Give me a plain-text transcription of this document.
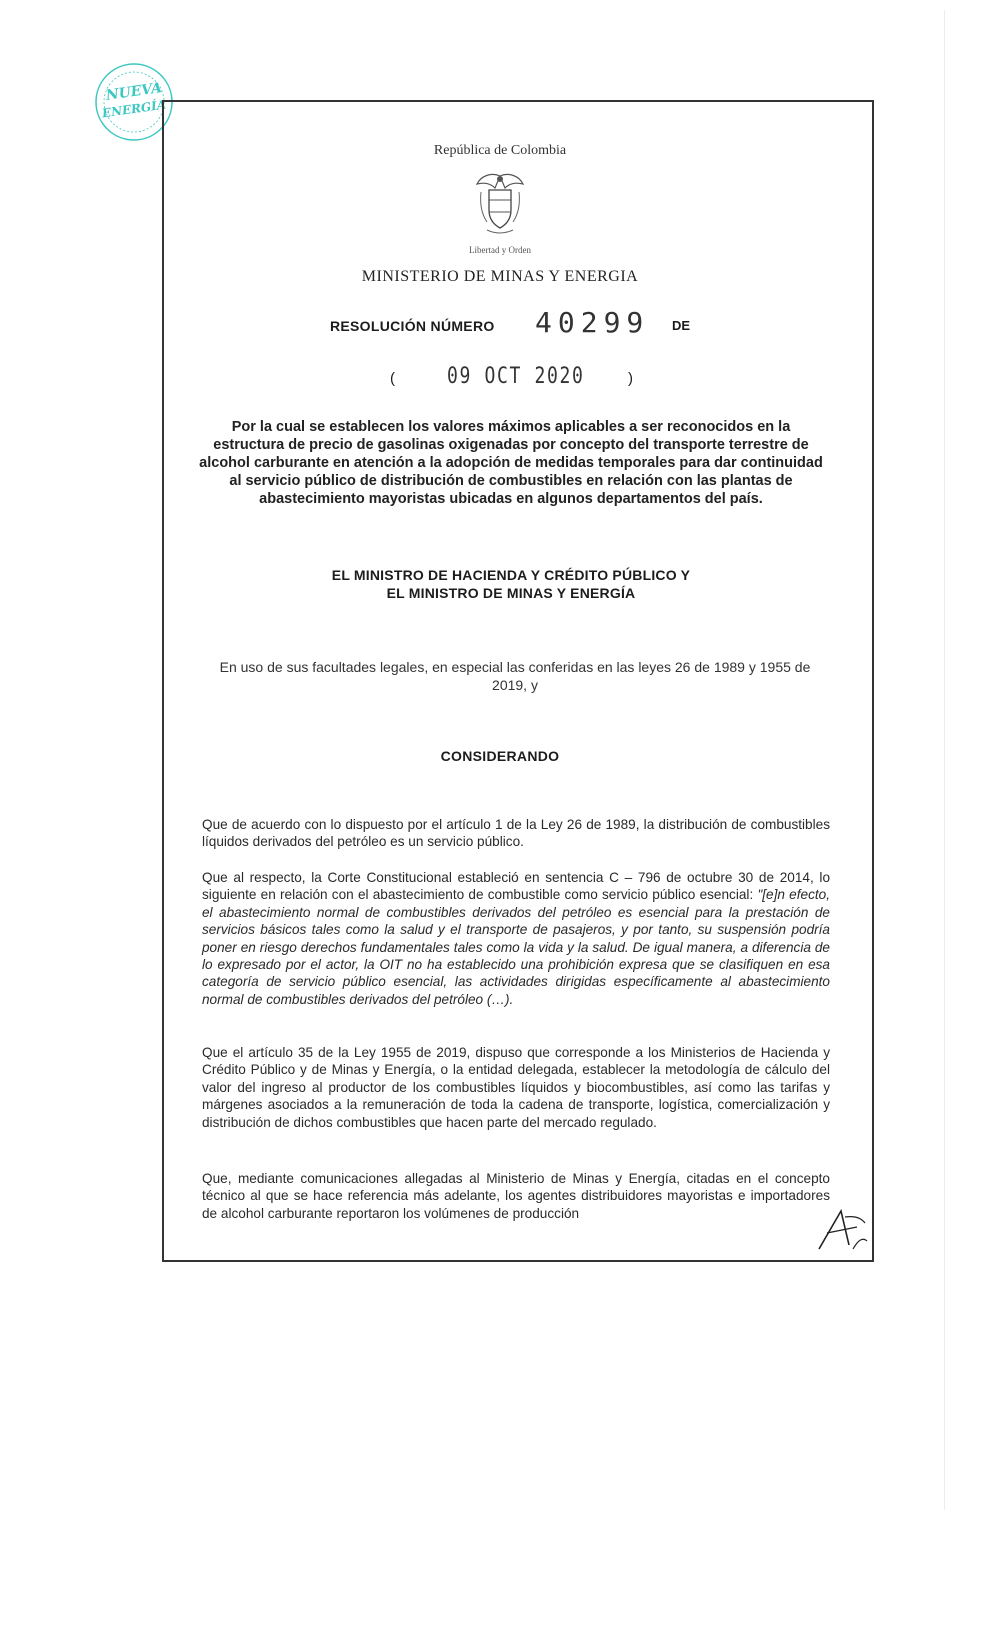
NUEVA
ENERGÍA
República de Colombia
Libertad y Orden
MINISTERIO DE MINAS Y ENERGIA
RESOLUCIÓN NÚMERO 40299 DE
( 09 OCT 2020	)
Por la cual se establecen los valores máximos aplicables a ser reconocidos en la estructura de precio de gasolinas oxigenadas por concepto del transporte terrestre de alcohol carburante en atención a la adopción de medidas temporales para dar continuidad al servicio público de distribución de combustibles en relación con las plantas de abastecimiento mayoristas ubicadas en algunos departamentos del país.
EL MINISTRO DE HACIENDA Y CRÉDITO PÚBLICO Y
EL MINISTRO DE MINAS Y ENERGÍA
En uso de sus facultades legales, en especial las conferidas en las leyes 26 de 1989 y 1955 de 2019, y
CONSIDERANDO

Que de acuerdo con lo dispuesto por el artículo 1 de la Ley 26 de 1989, la distribución de combustibles líquidos derivados del petróleo es un servicio público.

Que al respecto, la Corte Constitucional estableció en sentencia C – 796 de octubre 30 de 2014, lo siguiente en relación con el abastecimiento de combustible como servicio público esencial: "[e]n efecto, el abastecimiento normal de combustibles derivados del petróleo es esencial para la prestación de servicios básicos tales como la salud y el transporte de pasajeros, y por tanto, su suspensión podría poner en riesgo derechos fundamentales tales como la vida y la salud. De igual manera, a diferencia de lo expresado por el actor, la OIT no ha establecido una prohibición expresa que se clasifiquen en esa categoría de servicio público esencial, las actividades dirigidas específicamente al abastecimiento normal de combustibles derivados del petróleo (…).

Que el artículo 35 de la Ley 1955 de 2019, dispuso que corresponde a los Ministerios de Hacienda y Crédito Público y de Minas y Energía, o la entidad delegada, establecer la metodología de cálculo del valor del ingreso al productor de los combustibles líquidos y biocombustibles, así como las tarifas y márgenes asociados a la remuneración de toda la cadena de transporte, logística, comercialización y distribución de dichos combustibles que hacen parte del mercado regulado.

Que, mediante comunicaciones allegadas al Ministerio de Minas y Energía, citadas en el concepto técnico al que se hace referencia más adelante, los agentes distribuidores mayoristas e importadores de alcohol carburante reportaron los volúmenes de producción
